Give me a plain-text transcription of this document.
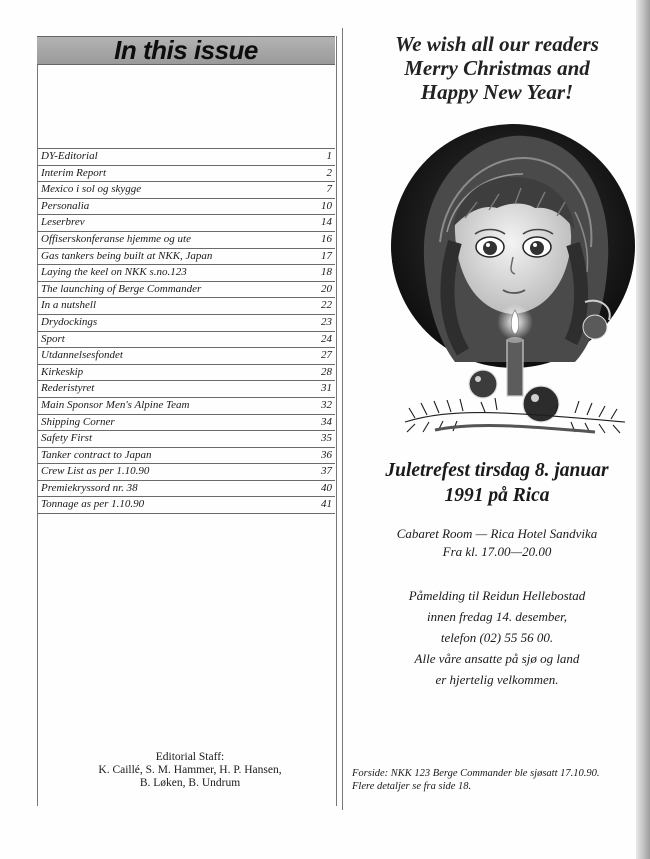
In this issue
DY-Editorial	1
Interim Report	2
Mexico i sol og skygge	7
Personalia	10
Leserbrev	14
Offiserskonferanse hjemme og ute	16
Gas tankers being built at NKK, Japan	17
Laying the keel on NKK s.no.123	18
The launching of Berge Commander	20
In a nutshell	22
Drydockings	23
Sport	24
Utdannelsesfondet	27
Kirkeskip	28
Rederistyret	31
Main Sponsor Men's Alpine Team	32
Shipping Corner	34
Safety First	35
Tanker contract to Japan	36
Crew List as per 1.10.90	37
Premiekryssord nr. 38	40
Tonnage as per 1.10.90	41
Editorial Staff:
K. Caillé, S. M. Hammer, H. P. Hansen,
B. Løken, B. Undrum
We wish all our readers
Merry Christmas and
Happy New Year!
Juletrefest tirsdag 8. januar
1991 på Rica
Cabaret Room — Rica Hotel Sandvika
Fra kl. 17.00—20.00
Påmelding til Reidun Hellebostad
innen fredag 14. desember,
telefon (02) 55 56 00.
Alle våre ansatte på sjø og land
er hjertelig velkommen.
Forside: NKK 123 Berge Commander ble sjøsatt 17.10.90.
Flere detaljer se fra side 18.
